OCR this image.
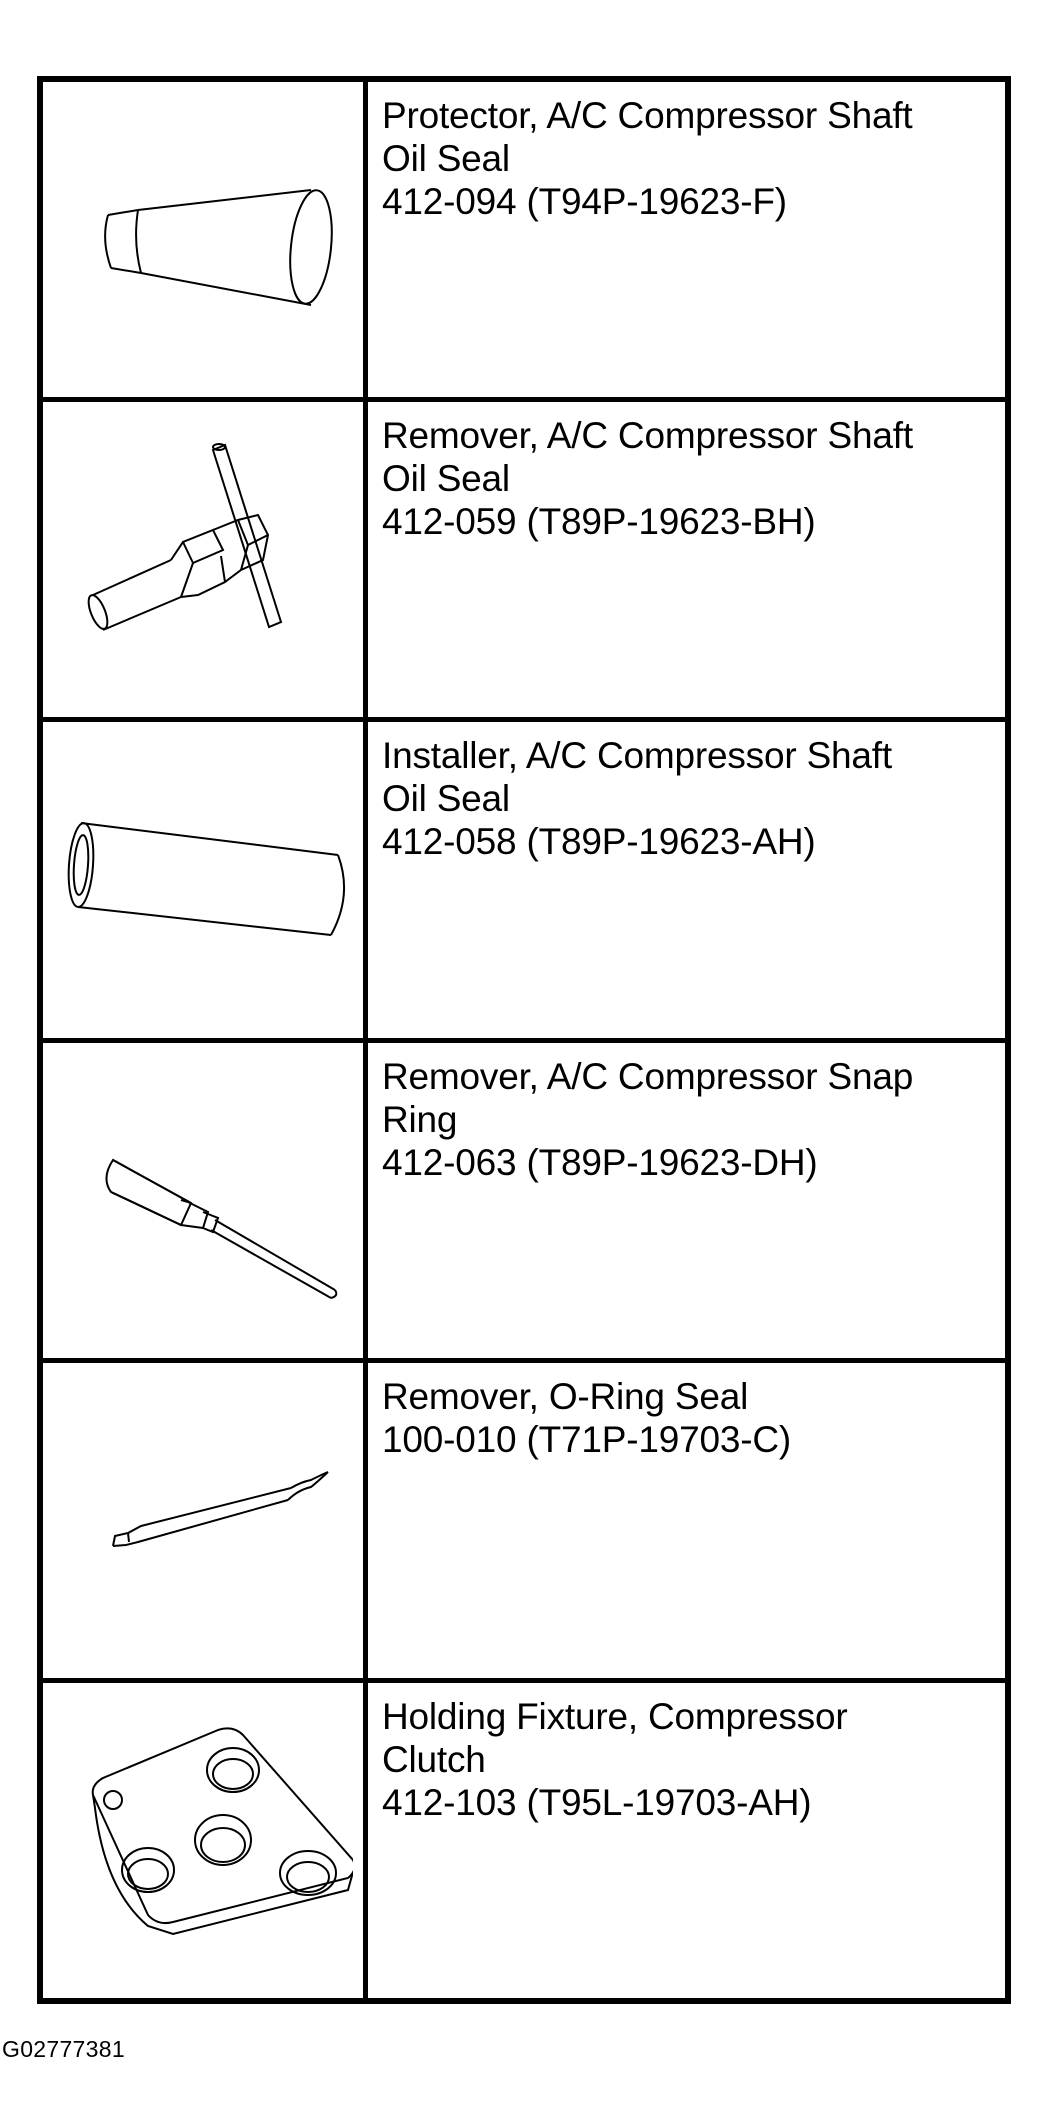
Protector, A/C Compressor Shaft
Oil Seal
412-094 (T94P-19623-F)
Remover, A/C Compressor Shaft
Oil Seal
412-059 (T89P-19623-BH)
Installer, A/C Compressor Shaft
Oil Seal
412-058 (T89P-19623-AH)
Remover, A/C Compressor Snap
Ring
412-063 (T89P-19623-DH)
Remover, O-Ring Seal
100-010 (T71P-19703-C)
Holding Fixture, Compressor
Clutch
412-103 (T95L-19703-AH)
G02777381
